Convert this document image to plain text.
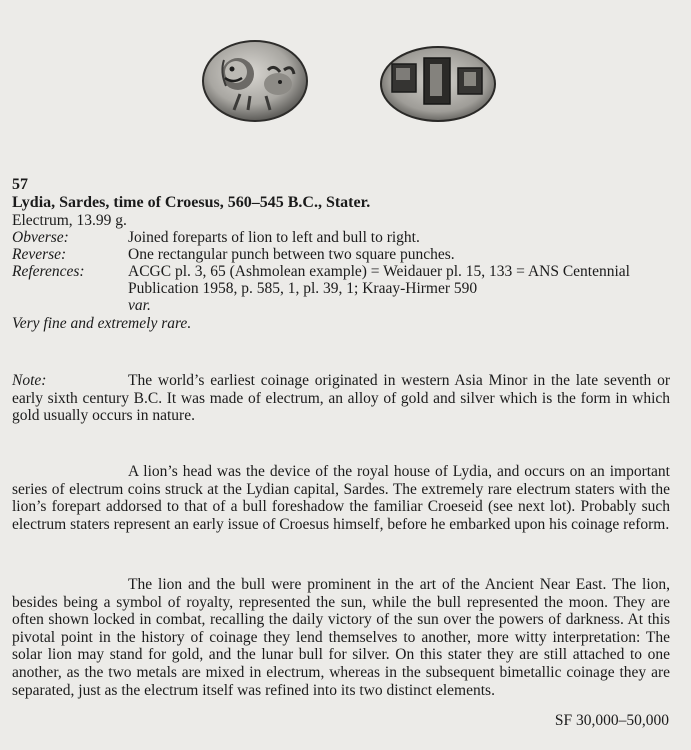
57
Lydia, Sardes, time of Croesus, 560–545 B.C., Stater.
Electrum, 13.99 g.
Obverse:	Joined foreparts of lion to left and bull to right.
Reverse:	One rectangular punch between two square punches.
References:	ACGC pl. 3, 65 (Ashmolean example) = Weidauer pl. 15, 133 = ANS Centennial Publication 1958, p. 585, 1, pl. 39, 1; Kraay-Hirmer 590
var.
Very fine and extremely rare.
Note:	The world’s earliest coinage originated in western Asia Minor in the late seventh or early sixth century B.C. It was made of electrum, an alloy of gold and silver which is the form in which gold usually occurs in nature.
A lion’s head was the device of the royal house of Lydia, and occurs on an important series of electrum coins struck at the Lydian capital, Sardes. The extremely rare electrum staters with the lion’s forepart addorsed to that of a bull foreshadow the familiar Croeseid (see next lot). Probably such electrum staters represent an early issue of Croesus himself, before he embarked upon his coinage reform.
The lion and the bull were prominent in the art of the Ancient Near East. The lion, besides being a symbol of royalty, represented the sun, while the bull represented the moon. They are often shown locked in combat, recalling the daily victory of the sun over the powers of darkness. At this pivotal point in the history of coinage they lend themselves to another, more witty interpretation: The solar lion may stand for gold, and the lunar bull for silver. On this stater they are still attached to one another, as the two metals are mixed in electrum, whereas in the subsequent bimetallic coinage they are separated, just as the electrum itself was refined into its two distinct elements.
SF 30,000–50,000
